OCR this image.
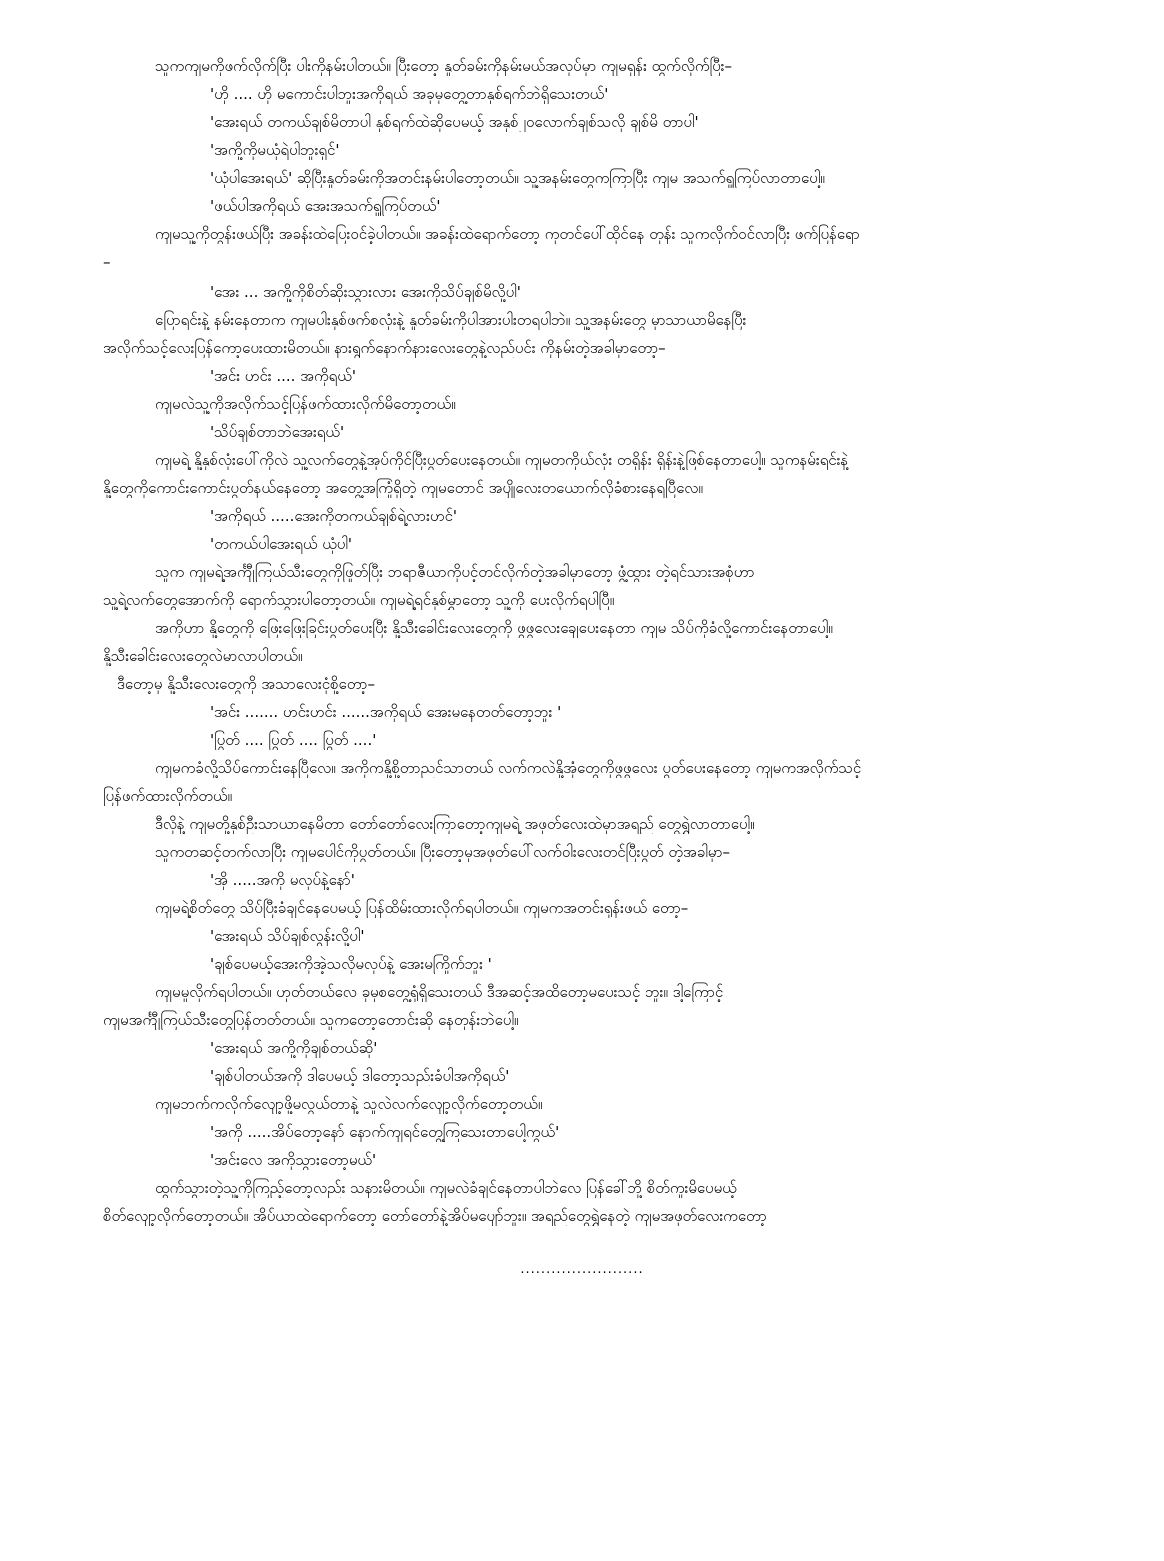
သူကကျမကိုဖက်လိုက်ပြီး ပါးကိုနမ်းပါတယ်။ ပြီးတော့ နူတ်ခမ်းကိုနမ်းမယ်အလုပ်မှာ ကျမရှန်း ထွက်လိုက်ပြီး–
'ဟို .... ဟို မကောင်းပါဘူးအကိုရယ် အခုမှတွေ့တာနှစ်ရက်ဘဲရှိသေးတယ်'
'အေးရယ် တကယ်ချစ်မိတာပါ နှစ်ရက်ထဲဆိုပေမယ့် အနှစ်၂၀လောက်ချစ်သလို ချစ်မိ တာပါ'
'အကို့ကိုမယုံရဲပါဘူးရှင်'
'ယုံပါအေးရယ်' ဆိုပြီးနူတ်ခမ်းကိုအတင်းနမ်းပါတော့တယ်။ သူ့အနမ်းတွေကကြာပြီး ကျမ အသက်ရှူကြပ်လာတာပေါ့။
'ဖယ်ပါအကိုရယ် အေးအသက်ရှူကြပ်တယ်'
ကျမသူ့ကိုတွန်းဖယ်ပြီး အခန်းထဲပြေးဝင်ခဲ့ပါတယ်။ အခန်းထဲရောက်တော့ ကုတင်ပေါ်ထိုင်နေ တုန်း သူကလိုက်ဝင်လာပြီး ဖက်ပြန်ရော
–
'အေး ... အကို့ကိုစိတ်ဆိုးသွားလား အေးကိုသိပ်ချစ်မိလို့ပါ'
ပြောရင်းနဲ့ နမ်းနေတာက ကျမပါးနှစ်ဖက်စလုံးနဲ့ နူတ်ခမ်းကိုပါအားပါးတရပါဘဲ။ သူ့အနမ်းတွေ မှာသာယာမိနေပြီး
အလိုက်သင့်လေးပြန်ကော့ပေးထားမိတယ်။ နားရွက်နောက်နားလေးတွေနဲ့လည်ပင်း ကိုနမ်းတဲ့အခါမှာတော့–
'အင်း ဟင်း .... အကိုရယ်'
ကျမလဲသူ့ကိုအလိုက်သင့်ပြန်ဖက်ထားလိုက်မိတော့တယ်။
'သိပ်ချစ်တာဘဲအေးရယ်'
ကျမရဲ့ နို့နှစ်လုံးပေါ်ကိုလဲ သူ့လက်တွေနဲ့အုပ်ကိုင်ပြီးပွတ်ပေးနေတယ်။ ကျမတကိုယ်လုံး တရှိန်း ရှိန်းနဲ့ဖြစ်နေတာပေါ့။ သူကနမ်းရင်းနဲ့
နို့တွေကိုကောင်းကောင်းပွတ်နယ်နေတော့ အတွေ့အကြုံရှိတဲ့ ကျမတောင် အပျိုလေးတယောက်လိုခံစားနေရပြီလေ။
'အကိုရယ် .....အေးကိုတကယ်ချစ်ရဲ့လားဟင်'
'တကယ်ပါအေးရယ် ယုံပါ'
သူက ကျမရဲ့အင်္ကျီကြယ်သီးတွေကိုဖြုတ်ပြီး ဘရာဇီယာကိုပင့်တင်လိုက်တဲ့အခါမှာတော့ ဖွံ့ထွား တဲ့ရင်သားအစုံဟာ
သူ့ရဲ့လက်တွေအောက်ကို ရောက်သွားပါတော့တယ်။ ကျမရဲ့ရင်နှစ်မွှာတော့ သူ့ကို ပေးလိုက်ရပါပြီ။
အကိုဟာ နို့တွေကို ဖြေးဖြေးခြင်းပွတ်ပေးပြီး နို့သီးခေါင်းလေးတွေကို ဖွဖွလေးချေပေးနေတာ ကျမ သိပ်ကိုခံလို့ကောင်းနေတာပေါ့။
နို့သီးခေါင်းလေးတွေလဲမာလာပါတယ်။
ဒီတော့မှ နို့သီးလေးတွေကို အသာလေးငုံစို့တော့–
'အင်း ....... ဟင်းဟင်း ......အကိုရယ် အေးမနေတတ်တော့ဘူး '
'ပြွတ် .... ပြွတ် .... ပြွတ် ....'
ကျမကခံလို့သိပ်ကောင်းနေပြီလေ။ အကိုကနို့စို့တာညင်သာတယ် လက်ကလဲနို့အုံတွေကိုဖွဖွလေး ပွတ်ပေးနေတော့ ကျမကအလိုက်သင့်
ပြန်ဖက်ထားလိုက်တယ်။
ဒီလိုနဲ့ ကျမတို့နှစ်ဦးသာယာနေမိတာ တော်တော်လေးကြာတော့ကျမရဲ့ အဖုတ်လေးထဲမှာအရည် တွေရွှဲလာတာပေါ့။
သူကတဆင့်တက်လာပြီး ကျမပေါင်ကိုပွတ်တယ်။ ပြီးတော့မှအဖုတ်ပေါ်လက်ဝါးလေးတင်ပြီးပွတ် တဲ့အခါမှာ–
'အို .....အကို မလုပ်နဲ့နော်'
ကျမရဲ့စိတ်တွေ သိပ်ပြီးခံချင်နေပေမယ့် ပြန်ထိမ်းထားလိုက်ရပါတယ်။ ကျမကအတင်းရုန်းဖယ် တော့–
'အေးရယ် သိပ်ချစ်လွန်းလို့ပါ'
'ချစ်ပေမယ့်အေးကိုအဲ့သလိုမလုပ်နဲ့ အေးမကြိုက်ဘူး '
ကျမမူလိုက်ရပါတယ်။ ဟုတ်တယ်လေ ခုမှစတွေ့ရုံရှိသေးတယ် ဒီအဆင့်အထိတော့မပေးသင့် ဘူး။ ဒါ့ကြောင့်
ကျမအင်္ကျီကြယ်သီးတွေပြန်တတ်တယ်။ သူကတော့တောင်းဆို နေတုန်းဘဲပေါ့။
'အေးရယ် အကို့ကိုချစ်တယ်ဆို'
'ချစ်ပါတယ်အကို ဒါပေမယ့် ဒါတော့သည်းခံပါအကိုရယ်'
ကျမဘက်ကလိုက်လျော့ဖို့မလွယ်တာနဲ့ သူလဲလက်လျော့လိုက်တော့တယ်။
'အကို .....အိပ်တော့နော် နောက်ကျရင်တွေ့ကြသေးတာပေါ့ကွယ်'
'အင်းလေ အကိုသွားတော့မယ်'
ထွက်သွားတဲ့သူ့ကိုကြည့်တော့လည်း သနားမိတယ်။ ကျမလဲခံချင်နေတာပါဘဲလေ ပြန်ခေါ်ဘို့ စိတ်ကူးမိပေမယ့်
စိတ်လျော့လိုက်တော့တယ်။ အိပ်ယာထဲရောက်တော့ တော်တော်နဲ့အိပ်မပျော်ဘူး။ အရည်တွေရွှဲနေတဲ့ ကျမအဖုတ်လေးကတော့
........................
